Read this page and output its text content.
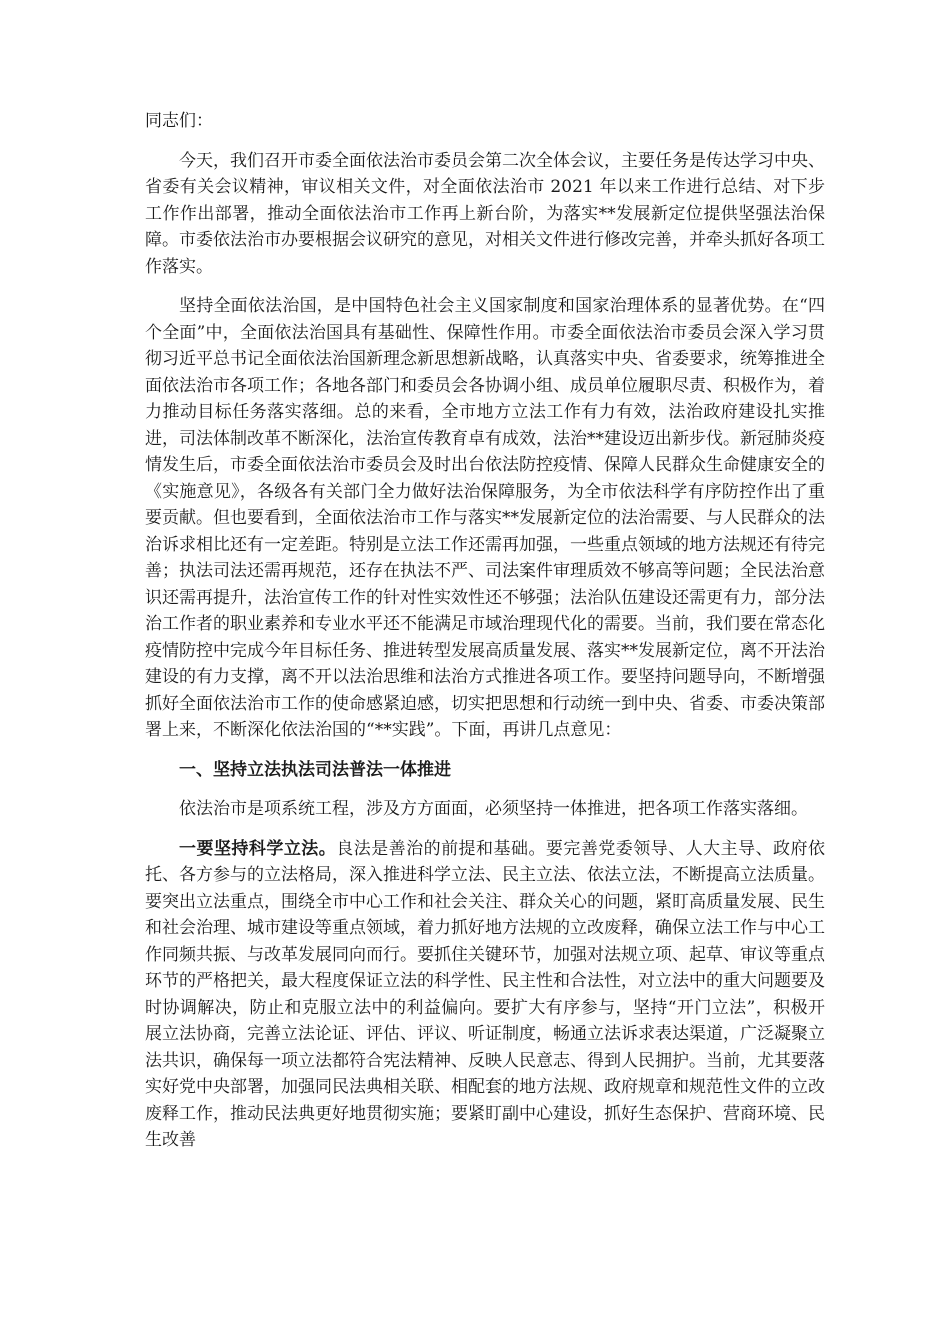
同志们：

今天，我们召开市委全面依法治市委员会第二次全体会议，主要任务是传达学习中央、省委有关会议精神，审议相关文件，对全面依法治市 2021 年以来工作进行总结、对下步工作作出部署，推动全面依法治市工作再上新台阶，为落实**发展新定位提供坚强法治保障。市委依法治市办要根据会议研究的意见，对相关文件进行修改完善，并牵头抓好各项工作落实。

坚持全面依法治国，是中国特色社会主义国家制度和国家治理体系的显著优势。在“四个全面”中，全面依法治国具有基础性、保障性作用。市委全面依法治市委员会深入学习贯彻习近平总书记全面依法治国新理念新思想新战略，认真落实中央、省委要求，统筹推进全面依法治市各项工作；各地各部门和委员会各协调小组、成员单位履职尽责、积极作为，着力推动目标任务落实落细。总的来看，全市地方立法工作有力有效，法治政府建设扎实推进，司法体制改革不断深化，法治宣传教育卓有成效，法治**建设迈出新步伐。新冠肺炎疫情发生后，市委全面依法治市委员会及时出台依法防控疫情、保障人民群众生命健康安全的《实施意见》，各级各有关部门全力做好法治保障服务，为全市依法科学有序防控作出了重要贡献。但也要看到，全面依法治市工作与落实**发展新定位的法治需要、与人民群众的法治诉求相比还有一定差距。特别是立法工作还需再加强，一些重点领域的地方法规还有待完善；执法司法还需再规范，还存在执法不严、司法案件审理质效不够高等问题；全民法治意识还需再提升，法治宣传工作的针对性实效性还不够强；法治队伍建设还需更有力，部分法治工作者的职业素养和专业水平还不能满足市域治理现代化的需要。当前，我们要在常态化疫情防控中完成今年目标任务、推进转型发展高质量发展、落实**发展新定位，离不开法治建设的有力支撑，离不开以法治思维和法治方式推进各项工作。要坚持问题导向，不断增强抓好全面依法治市工作的使命感紧迫感，切实把思想和行动统一到中央、省委、市委决策部署上来，不断深化依法治国的“**实践”。下面，再讲几点意见：

一、坚持立法执法司法普法一体推进

依法治市是项系统工程，涉及方方面面，必须坚持一体推进，把各项工作落实落细。

一要坚持科学立法。良法是善治的前提和基础。要完善党委领导、人大主导、政府依托、各方参与的立法格局，深入推进科学立法、民主立法、依法立法，不断提高立法质量。要突出立法重点，围绕全市中心工作和社会关注、群众关心的问题，紧盯高质量发展、民生和社会治理、城市建设等重点领域，着力抓好地方法规的立改废释，确保立法工作与中心工作同频共振、与改革发展同向而行。要抓住关键环节，加强对法规立项、起草、审议等重点环节的严格把关，最大程度保证立法的科学性、民主性和合法性，对立法中的重大问题要及时协调解决，防止和克服立法中的利益偏向。要扩大有序参与，坚持“开门立法”，积极开展立法协商，完善立法论证、评估、评议、听证制度，畅通立法诉求表达渠道，广泛凝聚立法共识，确保每一项立法都符合宪法精神、反映人民意志、得到人民拥护。当前，尤其要落实好党中央部署，加强同民法典相关联、相配套的地方法规、政府规章和规范性文件的立改废释工作，推动民法典更好地贯彻实施；要紧盯副中心建设，抓好生态保护、营商环境、民生改善
